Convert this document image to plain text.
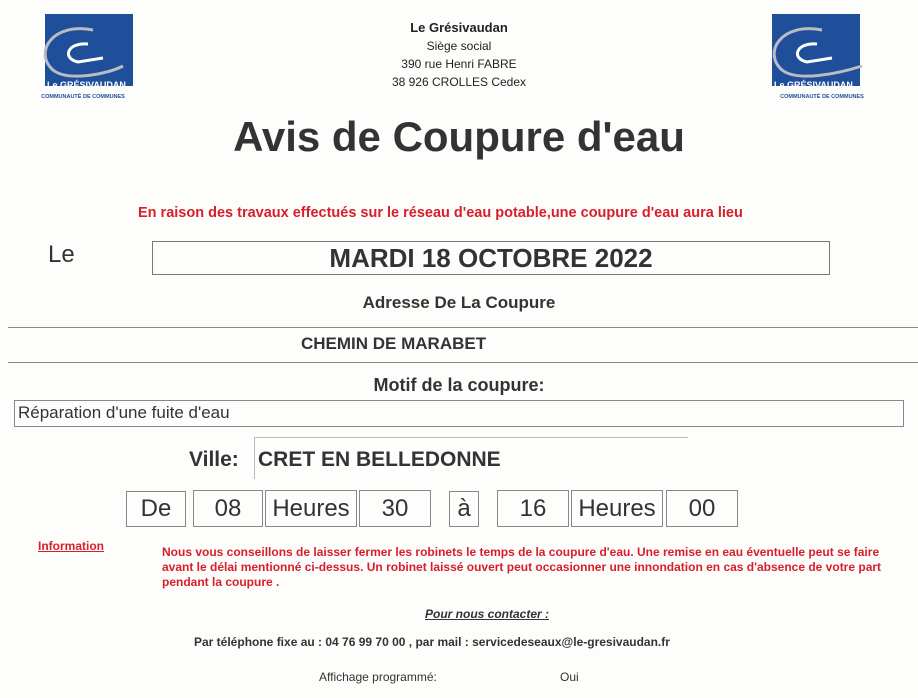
Le GRÉSIVAUDAN
COMMUNAUTÉ DE COMMUNES
Le GRÉSIVAUDAN
COMMUNAUTÉ DE COMMUNES
Le Grésivaudan
Siège social
390 rue Henri FABRE
38 926 CROLLES Cedex
Avis de Coupure d'eau
En raison des travaux effectués sur le réseau d'eau potable,une coupure d'eau aura lieu
Le	MARDI 18 OCTOBRE 2022
Adresse De La Coupure
CHEMIN DE MARABET
Motif de la coupure:
Réparation d'une fuite d'eau
Ville: CRET EN BELLEDONNE
De	08	Heures	30	à	16	Heures	00
Information	Nous vous conseillons de laisser fermer les robinets le temps de la coupure d'eau. Une remise en eau éventuelle peut se faire avant le délai mentionné ci-dessus. Un robinet laissé ouvert peut occasionner une innondation en cas d'absence de votre part pendant la coupure .
Pour nous contacter :
Par téléphone fixe au : 04 76 99 70 00 , par mail : servicedeseaux@le-gresivaudan.fr
Affichage programmé:	Oui
